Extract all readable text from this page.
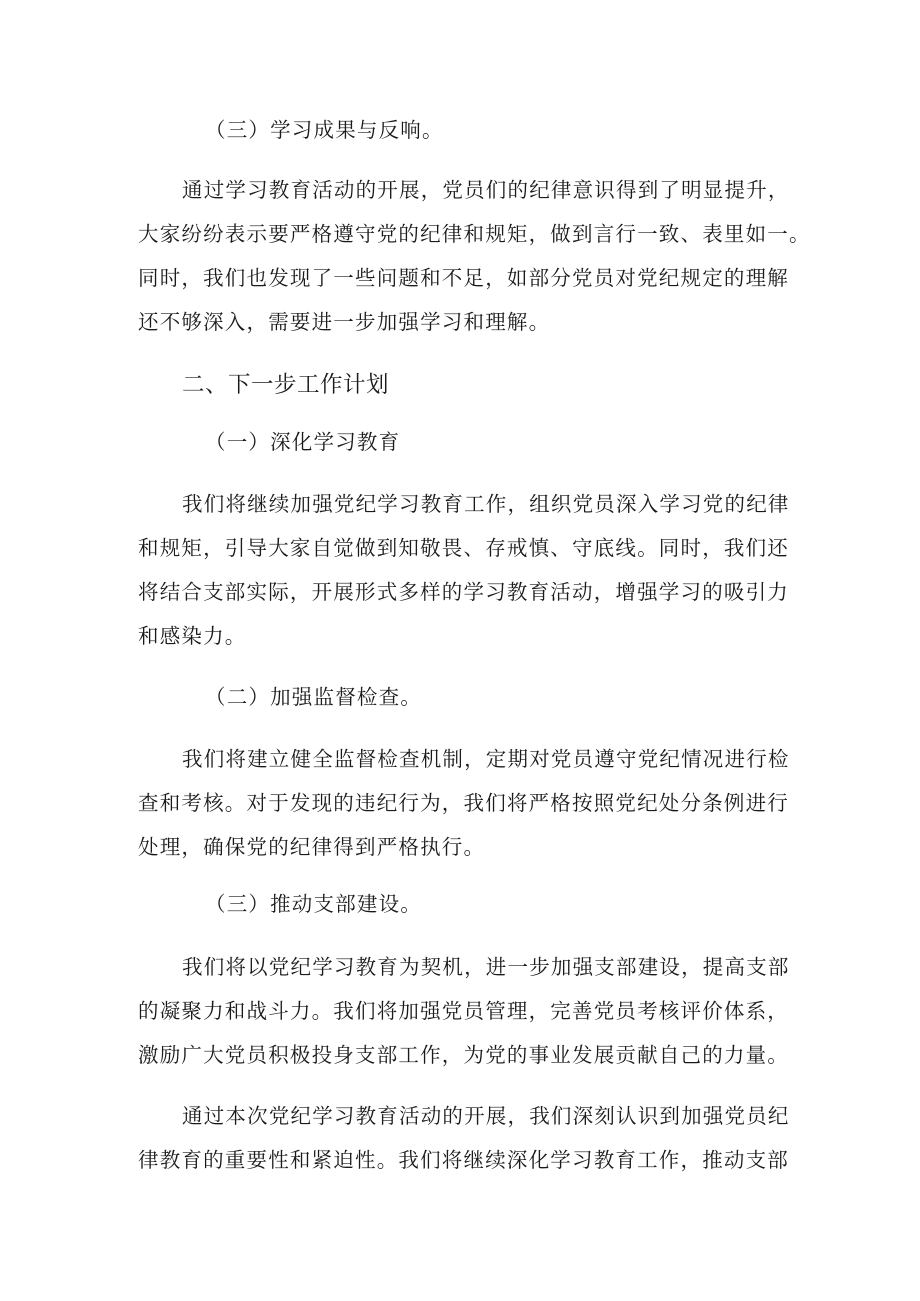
（三）学习成果与反响。
通过学习教育活动的开展，党员们的纪律意识得到了明显提升，
大家纷纷表示要严格遵守党的纪律和规矩，做到言行一致、表里如一。
同时，我们也发现了一些问题和不足，如部分党员对党纪规定的理解
还不够深入，需要进一步加强学习和理解。
二、下一步工作计划
（一）深化学习教育
我们将继续加强党纪学习教育工作，组织党员深入学习党的纪律
和规矩，引导大家自觉做到知敬畏、存戒慎、守底线。同时，我们还
将结合支部实际，开展形式多样的学习教育活动，增强学习的吸引力
和感染力。
（二）加强监督检查。
我们将建立健全监督检查机制，定期对党员遵守党纪情况进行检
查和考核。对于发现的违纪行为，我们将严格按照党纪处分条例进行
处理，确保党的纪律得到严格执行。
（三）推动支部建设。
我们将以党纪学习教育为契机，进一步加强支部建设，提高支部
的凝聚力和战斗力。我们将加强党员管理，完善党员考核评价体系，
激励广大党员积极投身支部工作，为党的事业发展贡献自己的力量。
通过本次党纪学习教育活动的开展，我们深刻认识到加强党员纪
律教育的重要性和紧迫性。我们将继续深化学习教育工作，推动支部
